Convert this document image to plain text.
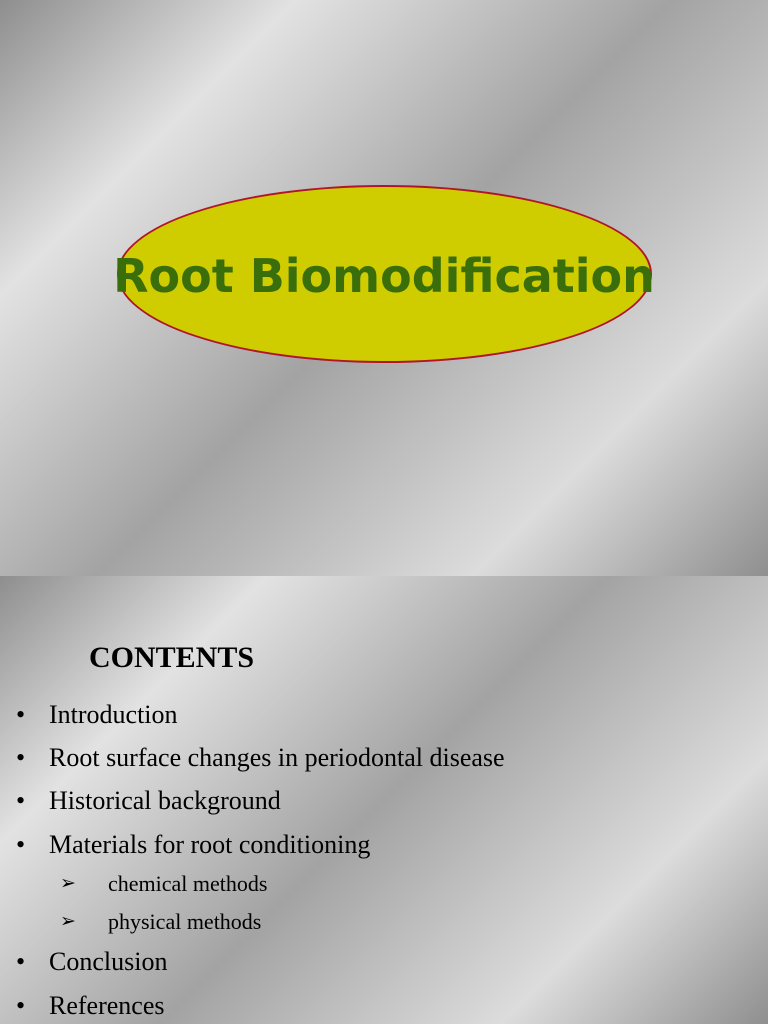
Root Biomodification
CONTENTS
• Introduction
• Root surface changes in periodontal disease
• Historical background
• Materials for root conditioning
➢	chemical methods
➢	physical methods
• Conclusion
• References
